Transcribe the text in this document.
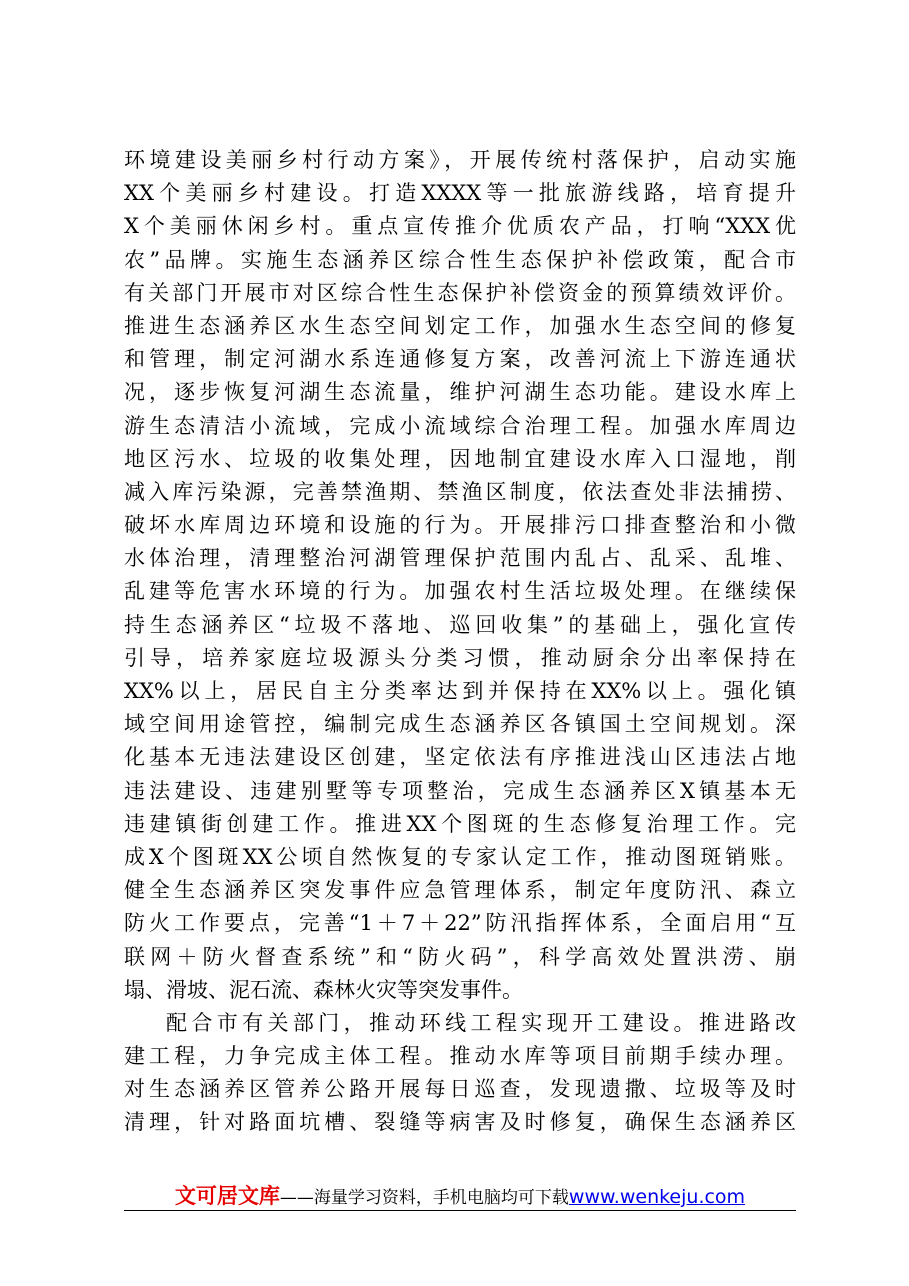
环境建设美丽乡村行动方案》，开展传统村落保护，启动实施
XX个美丽乡村建设。打造XXXX等一批旅游线路，培育提升
X个美丽休闲乡村。重点宣传推介优质农产品，打响“XXX优
农”品牌。实施生态涵养区综合性生态保护补偿政策，配合市
有关部门开展市对区综合性生态保护补偿资金的预算绩效评价。
推进生态涵养区水生态空间划定工作，加强水生态空间的修复
和管理，制定河湖水系连通修复方案，改善河流上下游连通状
况，逐步恢复河湖生态流量，维护河湖生态功能。建设水库上
游生态清洁小流域，完成小流域综合治理工程。加强水库周边
地区污水、垃圾的收集处理，因地制宜建设水库入口湿地，削
减入库污染源，完善禁渔期、禁渔区制度，依法查处非法捕捞、
破坏水库周边环境和设施的行为。开展排污口排查整治和小微
水体治理，清理整治河湖管理保护范围内乱占、乱采、乱堆、
乱建等危害水环境的行为。加强农村生活垃圾处理。在继续保
持生态涵养区“垃圾不落地、巡回收集”的基础上，强化宣传
引导，培养家庭垃圾源头分类习惯，推动厨余分出率保持在
XX%以上，居民自主分类率达到并保持在XX%以上。强化镇
域空间用途管控，编制完成生态涵养区各镇国土空间规划。深
化基本无违法建设区创建，坚定依法有序推进浅山区违法占地
违法建设、违建别墅等专项整治，完成生态涵养区X镇基本无
违建镇街创建工作。推进XX个图斑的生态修复治理工作。完
成X个图斑XX公顷自然恢复的专家认定工作，推动图斑销账。
健全生态涵养区突发事件应急管理体系，制定年度防汛、森立
防火工作要点，完善“1＋7＋22”防汛指挥体系，全面启用“互
联网＋防火督查系统”和“防火码”，科学高效处置洪涝、崩
塌、滑坡、泥石流、森林火灾等突发事件。
配合市有关部门，推动环线工程实现开工建设。推进路改
建工程，力争完成主体工程。推动水库等项目前期手续办理。
对生态涵养区管养公路开展每日巡查，发现遗撒、垃圾等及时
清理，针对路面坑槽、裂缝等病害及时修复，确保生态涵养区
文可居文库——海量学习资料，手机电脑均可下载www.wenkeju.com
